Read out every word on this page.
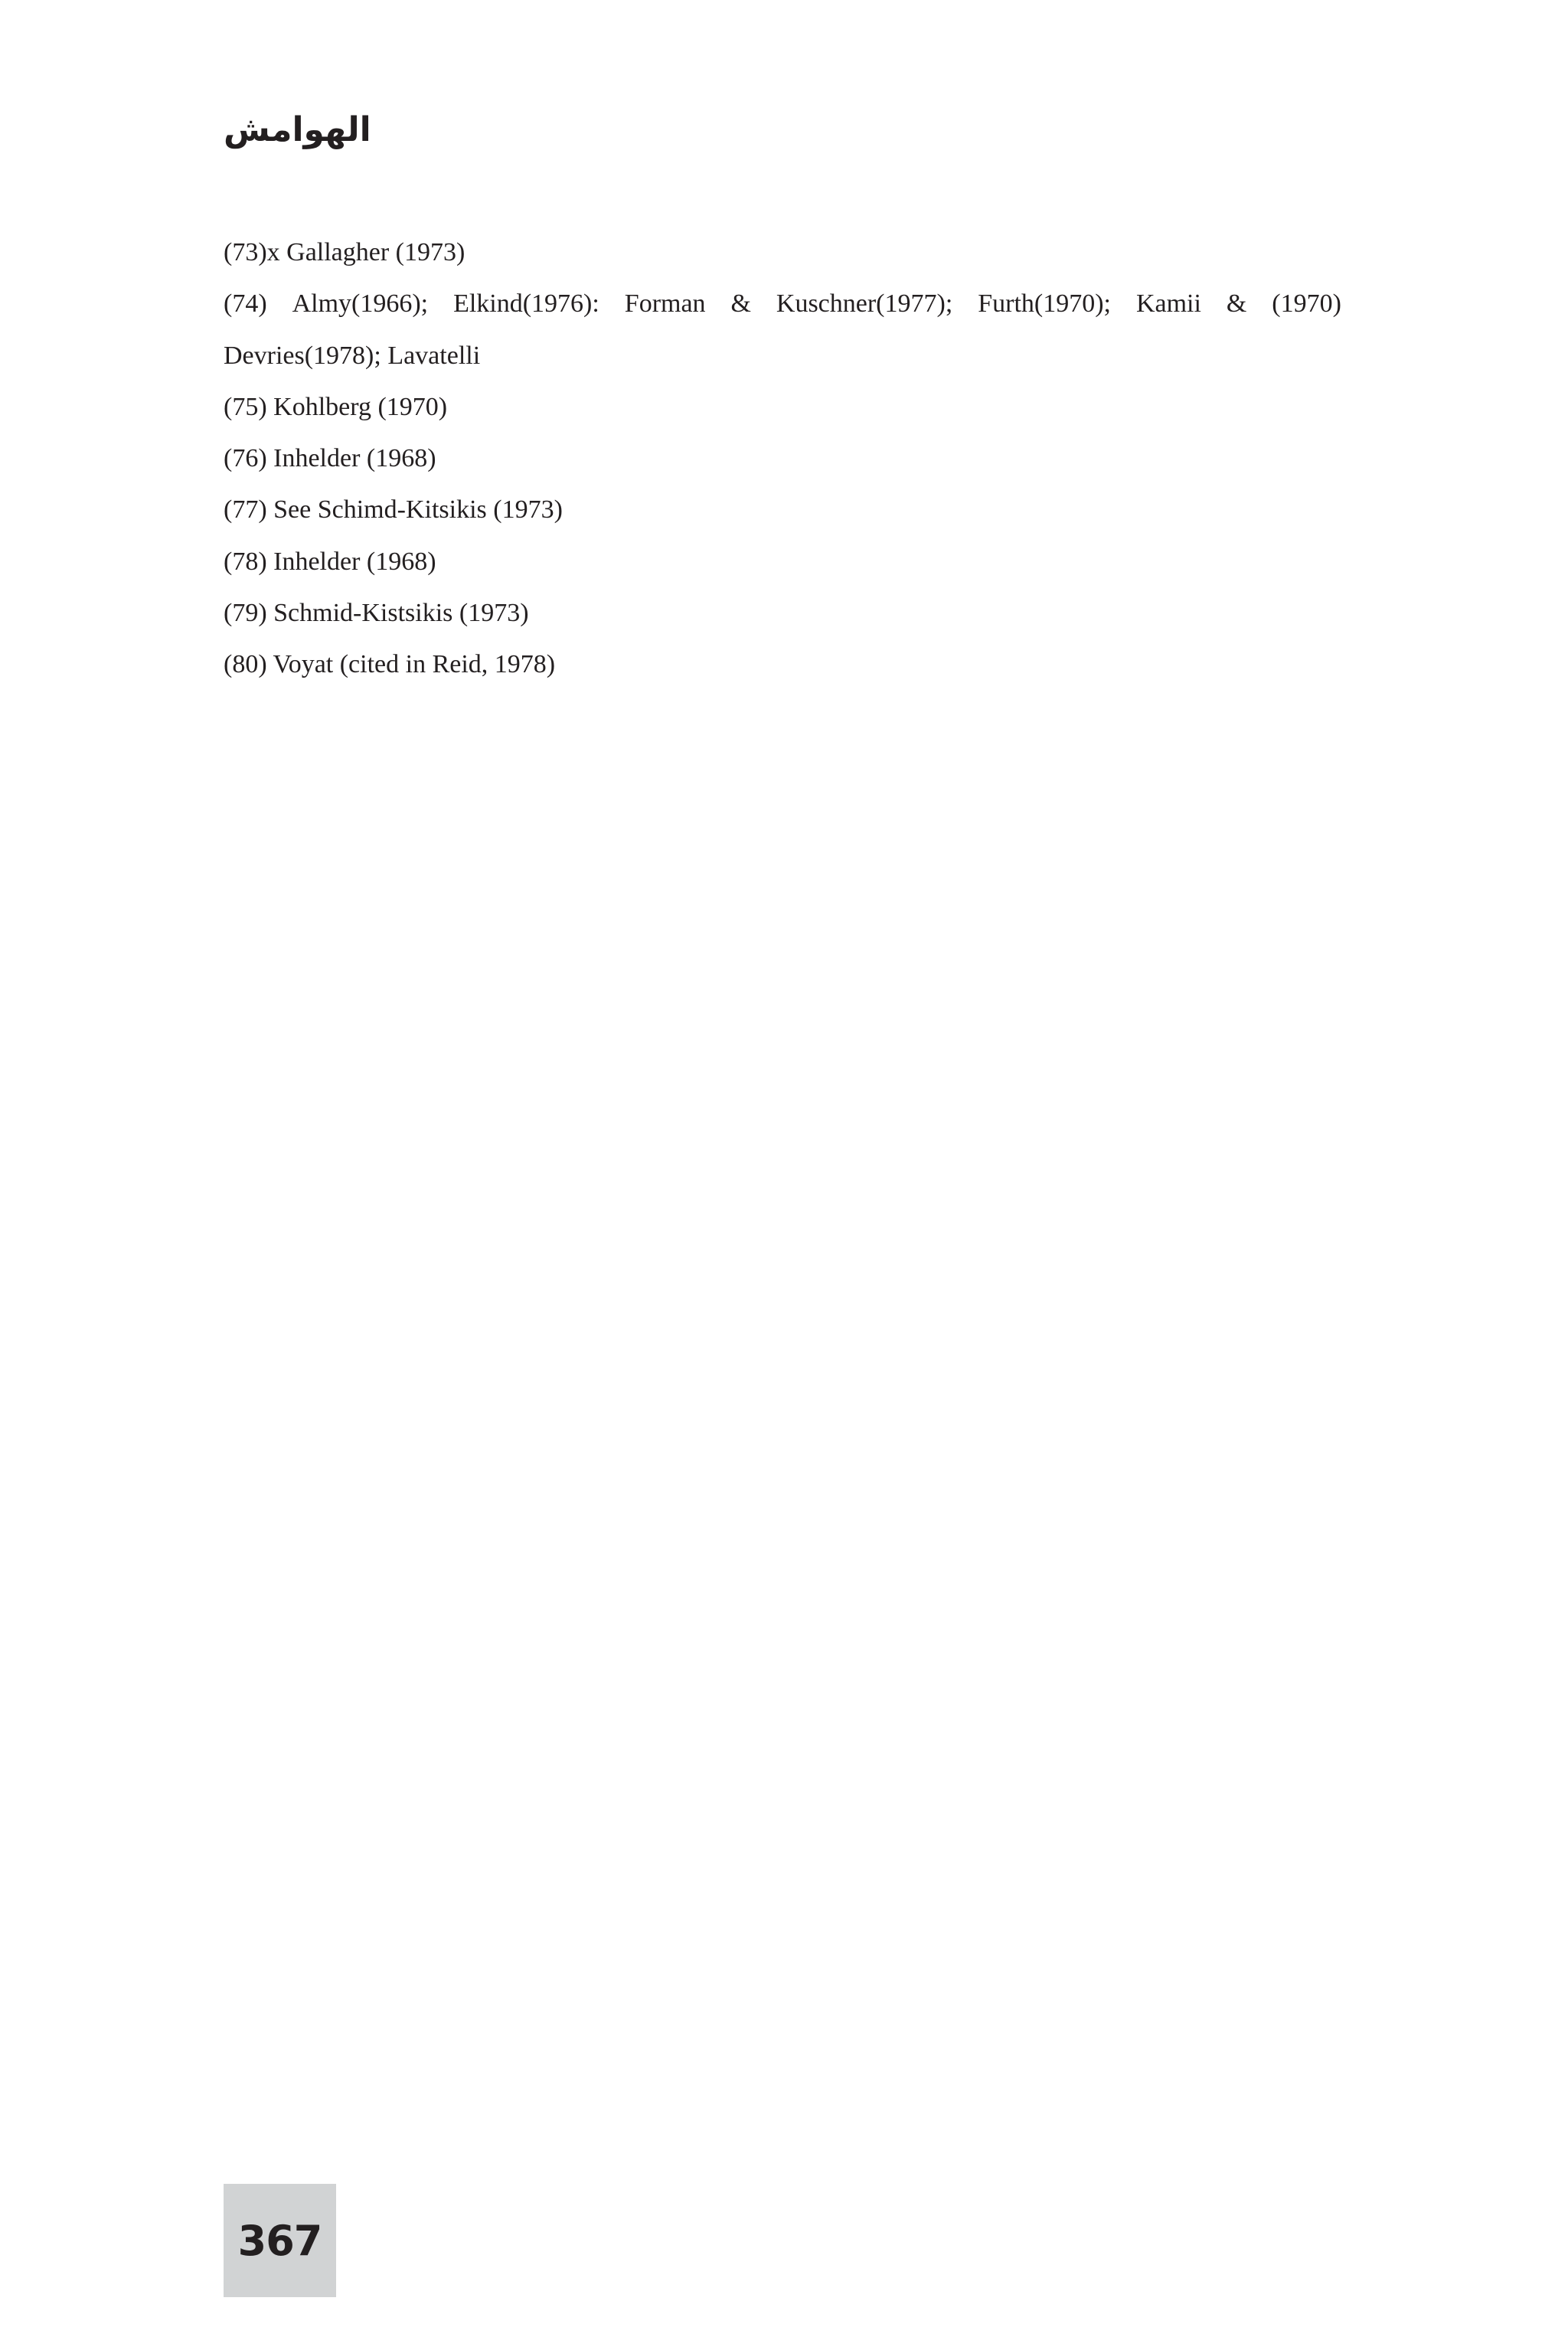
الهوامش
(73)x Gallagher (1973)
(74) Almy(1966); Elkind(1976): Forman & Kuschner(1977); Furth(1970); Kamii & (1970)
Devries(1978); Lavatelli
(75) Kohlberg (1970)
(76) Inhelder (1968)
(77) See Schimd-Kitsikis (1973)
(78) Inhelder (1968)
(79) Schmid-Kistsikis (1973)
(80) Voyat (cited in Reid, 1978)
367
